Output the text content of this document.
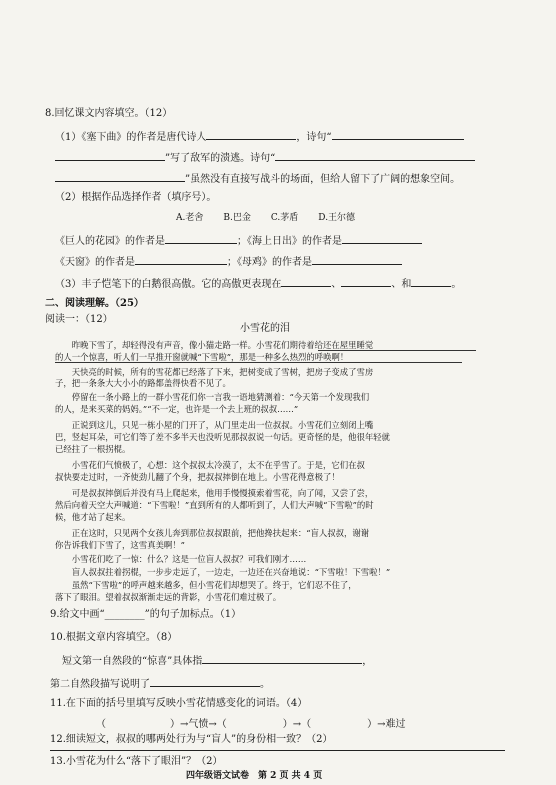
8.回忆课文内容填空。（12）
（1）《塞下曲》的作者是唐代诗人	，诗句“
”写了敌军的溃逃。诗句“
”虽然没有直接写战斗的场面，但给人留下了广阔的想象空间。
（2）根据作品选择作者（填序号）。
A.老舍 B.巴金 C.茅盾 D.王尔德
《巨人的花园》的作者是	；《海上日出》的作者是
《天窗》的作者是	；《母鸡》的作者是
（3）丰子恺笔下的白鹅很高傲。它的高傲更表现在	、	、和	。
二、阅读理解。（25）
阅读一：（12）
小雪花的泪
　　昨晚下雪了，却轻得没有声音，像小猫走路一样。小雪花们期待着给还在屋里睡觉
的人一个惊喜，听人们一早推开窗就喊“下雪啦”，那是一种多么热烈的呼唤啊！
　　天快亮的时候，所有的雪花都已经落了下来，把树变成了雪树，把房子变成了雪房
子，把一条条大大小小的路都盖得快看不见了。
　　停留在一条小路上的一群小雪花们你一言我一语地猜测着：“今天第一个发现我们
的人，是来买菜的妈妈。”“不一定，也许是一个去上班的叔叔……”
　　正说到这儿，只见一栋小屋的门开了，从门里走出一位叔叔。小雪花们立刻闭上嘴
巴，竖起耳朵，可它们等了差不多半天也没听见那叔叔说一句话。更奇怪的是，他很年轻就
已经拄了一根拐棍。
　　小雪花们气愤极了，心想：这个叔叔太冷漠了，太不在乎雪了。于是，它们在叔
叔快要走过时，一齐使劲儿翻了个身，把叔叔摔倒在地上。小雪花得意极了！
　　可是叔叔摔倒后并没有马上爬起来，他用手慢慢摸索着雪花，向了闻，又尝了尝，
然后向着天空大声喊道：“下雪啦！”直到所有的人都听到了，人们大声喊“下雪啦”的时
候，他才站了起来。
　　正在这时，只见两个女孩儿奔到那位叔叔跟前，把他搀扶起来：“盲人叔叔，谢谢
你告诉我们下雪了，这雪真美啊！”
　　小雪花们吃了一惊：什么？这是一位盲人叔叔？可我们刚才……
　　盲人叔叔拄着拐棍，一步步走远了，一边走，一边还在兴奋地说：“下雪啦！下雪啦！”
　　虽然“下雪啦”的呼声越来越多，但小雪花们却想哭了。终于，它们忍不住了，
落下了眼泪。望着叔叔渐渐走远的背影，小雪花们难过极了。
9.给文中画“________”的句子加标点。（1）
10.根据文章内容填空。（8）
短文第一自然段的“惊喜”具体指	，
第二自然段描写说明了	。
11.在下面的括号里填写反映小雪花情感变化的词语。（4）
（	）→气愤→（	）→（	）→难过
12.细读短文，叔叔的哪两处行为与“盲人”的身份相一致？（2）
13.小雪花为什么“落下了眼泪”？（2）
四年级语文试卷　第 2 页 共 4 页
